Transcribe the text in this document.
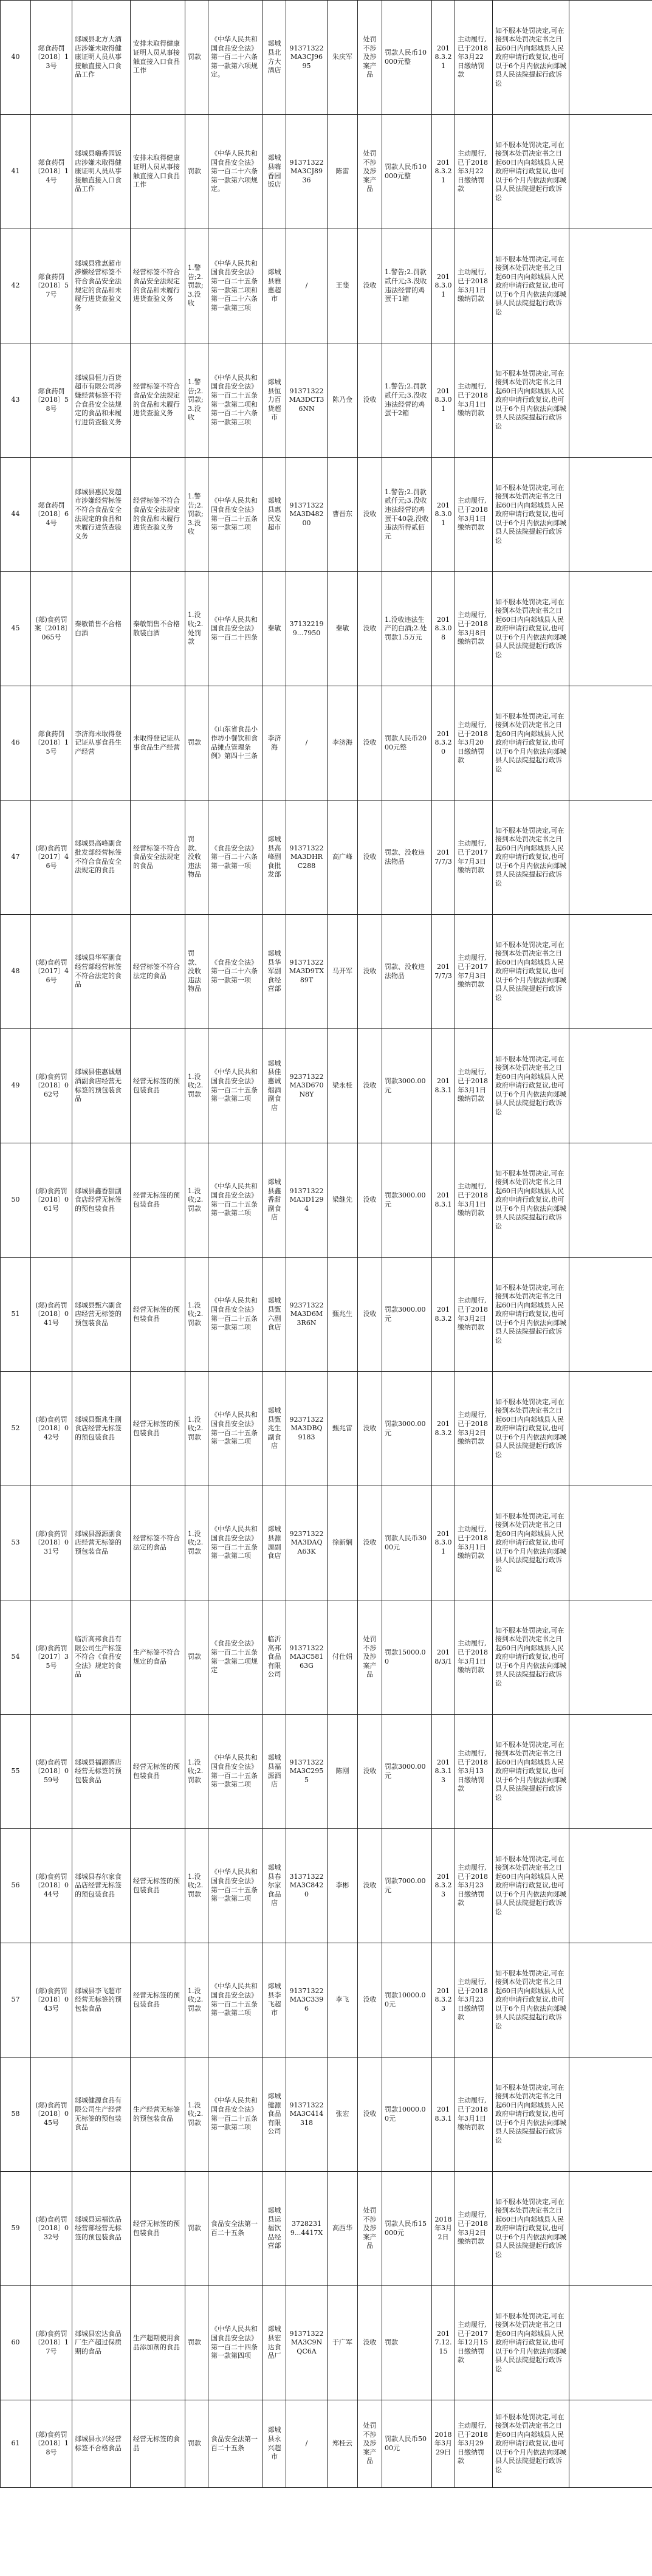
40	郯食药罚〔2018〕13号	郯城县北方大酒店涉嫌未取得健康证明人员从事接触直接入口食品工作	安排未取得健康证明人员从事接触直接入口食品工作	罚款	《中华人民共和国食品安全法》第一百二十六条第一款第六项规定。	郯城县北方大酒店	91371322MA3CJ9695	朱庆军	处罚不涉及涉案产品	罚款人民币10000元整	2018.3.21	主动履行,已于2018年3月22日缴纳罚款	如不服本处罚决定,可在接到本处罚决定书之日起60日内向郯城县人民政府申请行政复议,也可以于6个月内依法向郯城县人民法院提起行政诉讼	

41	郯食药罚〔2018〕14号	郯城县嗨香园饭店涉嫌未取得健康证明人员从事接触直接入口食品工作	安排未取得健康证明人员从事接触直接入口食品工作	罚款	《中华人民共和国食品安全法》第一百二十六条第一款第六项规定。	郯城县嗨香园饭店	91371322MA3CJ8936	陈雷	处罚不涉及涉案产品	罚款人民币10000元整	2018.3.21	主动履行,已于2018年3月22日缴纳罚款	如不服本处罚决定,可在接到本处罚决定书之日起60日内向郯城县人民政府申请行政复议,也可以于6个月内依法向郯城县人民法院提起行政诉讼	

42	郯食药罚〔2018〕57号	郯城县雅惠超市涉嫌经营标签不符合食品安全法规定的食品和未履行进货查验义务	经营标签不符合食品安全法规定的食品和未履行进货查验义务	1.警告;2.罚款;3.没收	《中华人民共和国食品安全法》第一百二十五条第一款第二项和第一百二十六条第一款第三项	郯城县雅惠超市	/	王斐	没收	1.警告;2.罚款贰仟元;3.没收违法经营的鸡蛋干1箱	2018.3.01	主动履行,已于2018年3月1日缴纳罚款	如不服本处罚决定,可在接到本处罚决定书之日起60日内向郯城县人民政府申请行政复议,也可以于6个月内依法向郯城县人民法院提起行政诉讼	

43	郯食药罚〔2018〕58号	郯城县恒力百货超市有限公司涉嫌经营标签不符合食品安全法规定的食品和未履行进货查验义务	经营标签不符合食品安全法规定的食品和未履行进货查验义务	1.警告;2.罚款;3.没收	《中华人民共和国食品安全法》第一百二十五条第一款第二项和第一百二十六条第一款第三项	郯城县恒力百货超市	91371322MA3DCT36NN	陈乃金	没收	1.警告;2.罚款贰仟元;3.没收违法经营的鸡蛋干2箱	2018.3.01	主动履行,已于2018年3月1日缴纳罚款	如不服本处罚决定,可在接到本处罚决定书之日起60日内向郯城县人民政府申请行政复议,也可以于6个月内依法向郯城县人民法院提起行政诉讼	

44	郯食药罚〔2018〕64号	郯城县惠民发超市涉嫌经营标签不符合食品安全法规定的食品和未履行进货查验义务	经营标签不符合食品安全法规定的食品和未履行进货查验义务	1.警告;2.罚款;3.没收	《中华人民共和国食品安全法》第一百二十五条第一款第二项	郯城县惠民发超市	91371322MA3D48200	曹晋东	没收	1.警告;2.罚款贰仟元;3.没收违法经营的鸡蛋干40袋,没收违法所得贰佰元	2018.3.01	主动履行,已于2018年3月1日缴纳罚款	如不服本处罚决定,可在接到本处罚决定书之日起60日内向郯城县人民政府申请行政复议,也可以于6个月内依法向郯城县人民法院提起行政诉讼	

45	(郯)食药罚案〔2018〕065号	秦敏销售不合格白酒	秦敏销售不合格散装白酒	1.没收;2.处罚款	《中华人民共和国食品安全法》第一百二十四条	秦敏	371322199...7950	秦敏	没收	1.没收违法生产的白酒;2.处罚款1.5万元	2018.3.08	主动履行,已于2018年3月8日缴纳罚款	如不服本处罚决定,可在接到本处罚决定书之日起60日内向郯城县人民政府申请行政复议,也可以于6个月内依法向郯城县人民法院提起行政诉讼	

46	郯食药罚〔2018〕15号	李济海未取得登记证从事食品生产经营	未取得登记证从事食品生产经营	罚款	《山东省食品小作坊小餐饮和食品摊点管理条例》第四十三条	李济海	/	李济海	没收	罚款人民币2000元整	2018.3.20	主动履行,已于2018年3月20日缴纳罚款	如不服本处罚决定,可在接到本处罚决定书之日起60日内向郯城县人民政府申请行政复议,也可以于6个月内依法向郯城县人民法院提起行政诉讼	

47	(郯)食药罚〔2017〕46号	郯城县高峰副食批发部经营标签不符合食品安全法规定的食品	经营标签不符合食品安全法规定的食品	罚款、没收违法物品	《食品安全法》第一百二十六条第一款第一项	郯城县高峰副食批发部	91371322MA3DHRC288	高广峰	没收	罚款、没收违法物品	2017/7/3	主动履行,已于2017年7月3日缴纳罚款	如不服本处罚决定,可在接到本处罚决定书之日起60日内向郯城县人民政府申请行政复议,也可以于6个月内依法向郯城县人民法院提起行政诉讼	

48	(郯)食药罚〔2017〕46号	郯城县华军副食经营部经营标签不符合法定的食品	经营标签不符合法定的食品	罚款、没收违法物品	《食品安全法》第一百二十六条第一款第一项	郯城县华军副食经营部	91371322MA3D9TX89T	马开军	没收	罚款、没收违法物品	2017/7/3	主动履行,已于2017年7月3日缴纳罚款	如不服本处罚决定,可在接到本处罚决定书之日起60日内向郯城县人民政府申请行政复议,也可以于6个月内依法向郯城县人民法院提起行政诉讼	

49	(郯)食药罚〔2018〕062号	郯城县佳惠诚烟酒副食店经营无标签的预包装食品	经营无标签的预包装食品	1.没收;2.罚款	《中华人民共和国食品安全法》第一百二十五条第一款第二项	郯城县佳惠诚烟酒副食店	92371322MA3D670N8Y	梁永桂	没收	罚款3000.00元	2018.3.1	主动履行,已于2018年3月1日缴纳罚款	如不服本处罚决定,可在接到本处罚决定书之日起60日内向郯城县人民政府申请行政复议,也可以于6个月内依法向郯城县人民法院提起行政诉讼	

50	(郯)食药罚〔2018〕061号	郯城县鑫香甜副食店经营无标签的预包装食品	经营无标签的预包装食品	1.没收;2.罚款	《中华人民共和国食品安全法》第一百二十五条第一款第二项	郯城县鑫香甜副食店	91371322MA3D1294	梁继先	没收	罚款3000.00元	2018.3.1	主动履行,已于2018年3月1日缴纳罚款	如不服本处罚决定,可在接到本处罚决定书之日起60日内向郯城县人民政府申请行政复议,也可以于6个月内依法向郯城县人民法院提起行政诉讼	

51	(郯)食药罚〔2018〕041号	郯城县甄六副食店经营无标签的预包装食品	经营无标签的预包装食品	1.没收;2.罚款	《中华人民共和国食品安全法》第一百二十五条第一款第二项	郯城县甄六副食店	92371322MA3D6M3R6N	甄兆生	没收	罚款3000.00元	2018.3.2	主动履行,已于2018年3月2日缴纳罚款	如不服本处罚决定,可在接到本处罚决定书之日起60日内向郯城县人民政府申请行政复议,也可以于6个月内依法向郯城县人民法院提起行政诉讼	

52	(郯)食药罚〔2018〕042号	郯城县甄兆生副食店经营无标签的预包装食品	经营无标签的预包装食品	1.没收;2.罚款	《中华人民共和国食品安全法》第一百二十五条第一款第二项	郯城县甄兆生副食店	92371322MA3DBQ9183	甄兆雷	没收	罚款3000.00元	2018.3.2	主动履行,已于2018年3月2日缴纳罚款	如不服本处罚决定,可在接到本处罚决定书之日起60日内向郯城县人民政府申请行政复议,也可以于6个月内依法向郯城县人民法院提起行政诉讼	

53	(郯)食药罚〔2018〕031号	郯城县源源副食店经营无标签的预包装食品	经营标签不符合法定的食品	1.没收;2.罚款	《中华人民共和国食品安全法》第一百二十五条第一款第二项	郯城县源源副食店	92371322MA3DAQA63K	徐新娴	没收	罚款人民币3000元	2018.3.01	主动履行,已于2018年3月1日缴纳罚款	如不服本处罚决定,可在接到本处罚决定书之日起60日内向郯城县人民政府申请行政复议,也可以于6个月内依法向郯城县人民法院提起行政诉讼	

54	(郯)食药罚〔2017〕35号	临沂高邦食品有限公司生产标签不符合《食品安全法》规定的食品	生产标签不符合规定的食品	罚款	《食品安全法》第一百二十五条第一款第二项规定	临沂高邦食品有限公司	91371322MA3C58163G	付仕娟	处罚不涉及涉案产品	罚款15000.00	2018/3/1	主动履行,已于2018年3月1日缴纳罚款	如不服本处罚决定,可在接到本处罚决定书之日起60日内向郯城县人民政府申请行政复议,也可以于6个月内依法向郯城县人民法院提起行政诉讼	

55	(郯)食药罚〔2018〕059号	郯城县福源酒店经营无标签的预包装食品	经营无标签的预包装食品	1.没收;2.罚款	《中华人民共和国食品安全法》第一百二十五条第一款第二项	郯城县福源酒店	91371322MA3C2955	陈刚	没收	罚款3000.00元	2018.3.13	主动履行,已于2018年3月13日缴纳罚款	如不服本处罚决定,可在接到本处罚决定书之日起60日内向郯城县人民政府申请行政复议,也可以于6个月内依法向郯城县人民法院提起行政诉讼	

56	(郯)食药罚〔2018〕044号	郯城县春尔家食品店经营无标签的预包装食品	经营无标签的预包装食品	1.没收;2.罚款	《中华人民共和国食品安全法》第一百二十五条第一款第二项	郯城县春尔家食品店	31371322MA3C8420	李彬	没收	罚款7000.00元	2018.3.23	主动履行,已于2018年3月23日缴纳罚款	如不服本处罚决定,可在接到本处罚决定书之日起60日内向郯城县人民政府申请行政复议,也可以于6个月内依法向郯城县人民法院提起行政诉讼	

57	(郯)食药罚〔2018〕043号	郯城县李飞超市经营无标签的预包装食品	经营无标签的预包装食品	1.没收;2.罚款	《中华人民共和国食品安全法》第一百二十五条第一款第二项	郯城县李飞超市	91371322MA3C3396	李飞	没收	罚款10000.00元	2018.3.23	主动履行,已于2018年3月23日缴纳罚款	如不服本处罚决定,可在接到本处罚决定书之日起60日内向郯城县人民政府申请行政复议,也可以于6个月内依法向郯城县人民法院提起行政诉讼	

58	(郯)食药罚〔2018〕045号	郯城健源食品有限公司生产经营无标签的预包装食品	生产经营无标签的预包装食品	1.没收;2.罚款	《中华人民共和国食品安全法》第一百二十五条第一款第二项	郯城健源食品有限公司	91371322MA3C414318	张宏	没收	罚款10000.00元	2018.3.1	主动履行,已于2018年3月1日缴纳罚款	如不服本处罚决定,可在接到本处罚决定书之日起60日内向郯城县人民政府申请行政复议,也可以于6个月内依法向郯城县人民法院提起行政诉讼	

59	(郯)食药罚〔2018〕032号	郯城县运福饮品经营部经营无标签的预包装食品	经营无标签的预包装食品	罚款	食品安全法第一百二十五条	郯城县运福饮品经营部	37282319...4417X	高西华	处罚不涉及涉案产品	罚款人民币15000元	2018年3月2日	主动履行,已于2018年3月2日缴纳罚款	如不服本处罚决定,可在接到本处罚决定书之日起60日内向郯城县人民政府申请行政复议,也可以于6个月内依法向郯城县人民法院提起行政诉讼	

60	(郯)食药罚〔2018〕17号	郯城县宏达食品厂生产超过保质期的食品	生产超期使用食品添加剂的食品	罚款	《中华人民共和国食品安全法》第一百二十四条第一款第四项	郯城县宏达食品厂	91371322MA3C9NQC6A	于广军	没收	罚款	2017.12.15	主动履行,已于2017年12月15日缴纳罚款	如不服本处罚决定,可在接到本处罚决定书之日起60日内向郯城县人民政府申请行政复议,也可以于6个月内依法向郯城县人民法院提起行政诉讼	

61	(郯)食药罚〔2018〕18号	郯城县永兴经营标签不合格食品	经营无标签的食品	罚款	食品安全法第一百二十五条	郯城县永兴超市	/	郑桂云	处罚不涉及涉案产品	罚款人民币5000元	2018年3月29日	主动履行,已于2018年3月29日缴纳罚款	如不服本处罚决定,可在接到本处罚决定书之日起60日内向郯城县人民政府申请行政复议,也可以于6个月内依法向郯城县人民法院提起行政诉讼	
